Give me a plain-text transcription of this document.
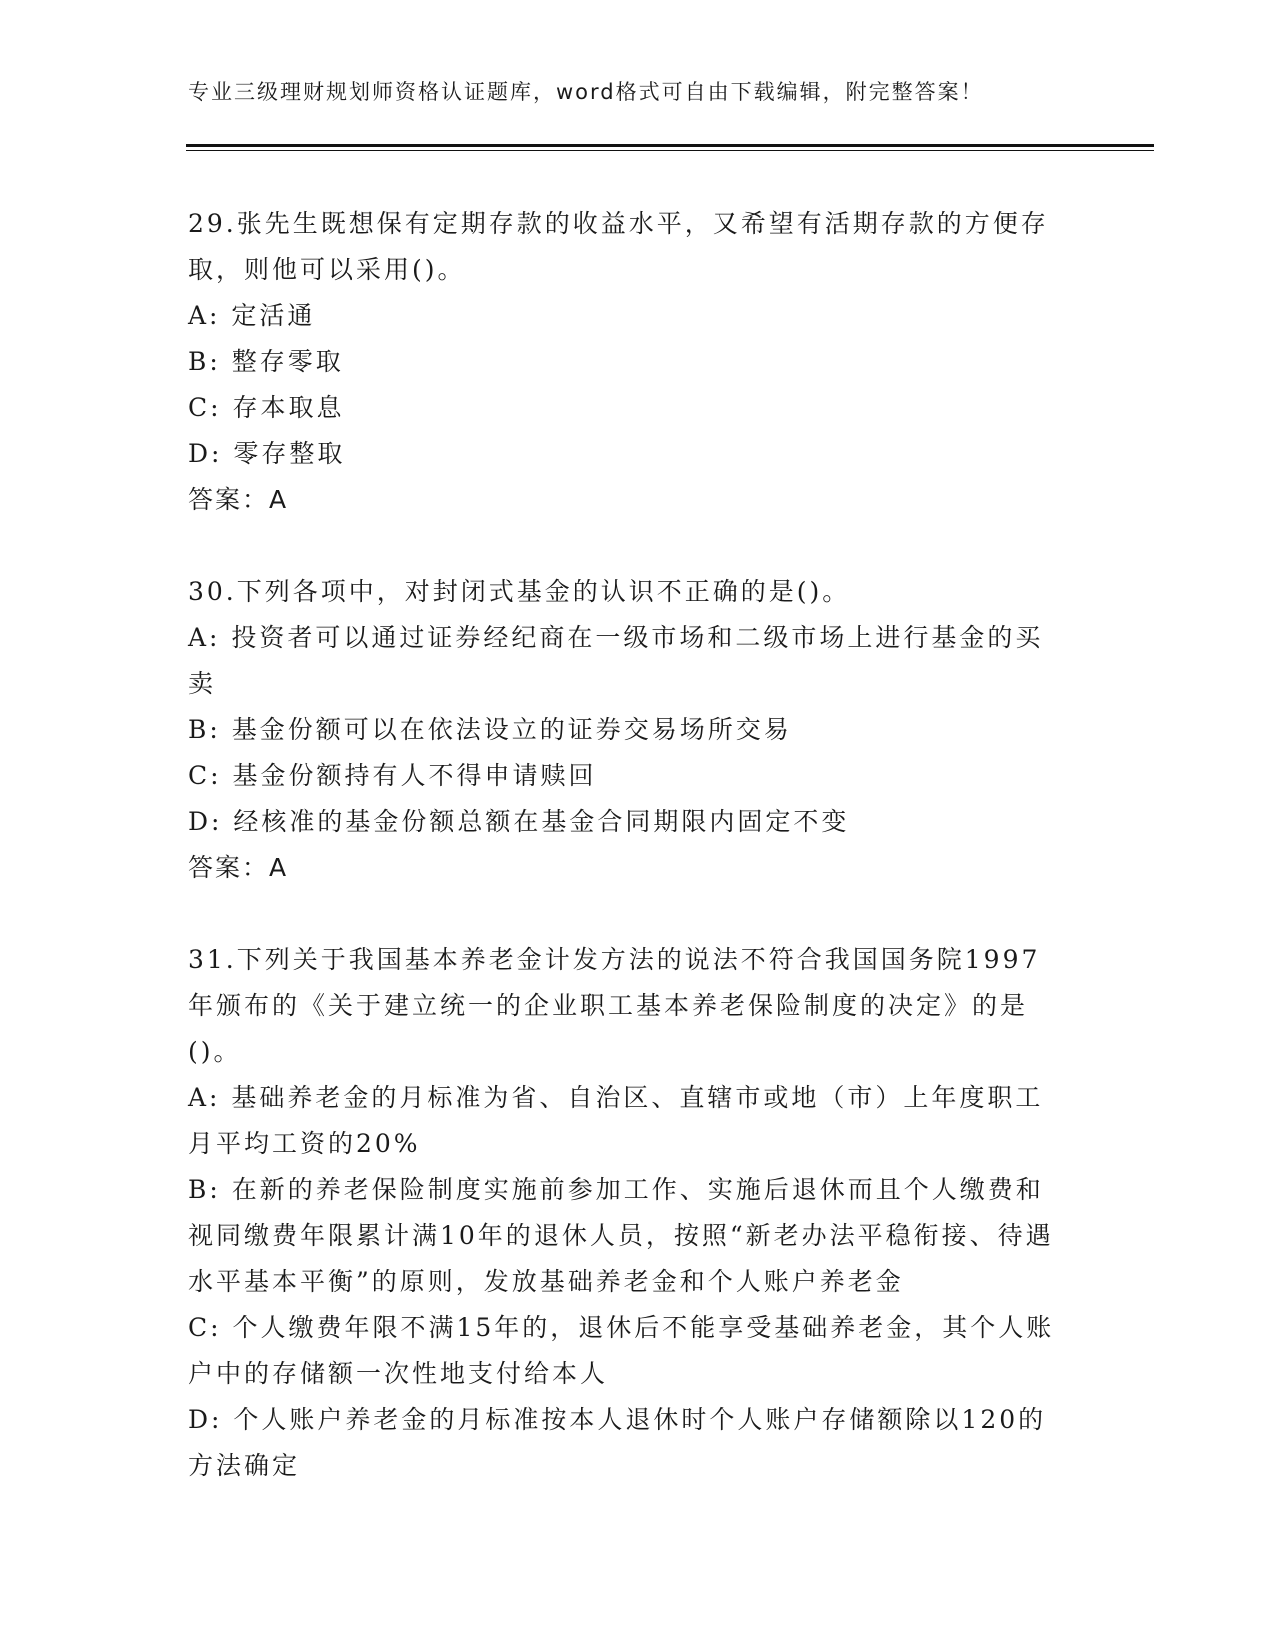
专业三级理财规划师资格认证题库，word格式可自由下载编辑，附完整答案！
29.张先生既想保有定期存款的收益水平，又希望有活期存款的方便存取，则他可以采用()。
A: 定活通
B: 整存零取
C: 存本取息
D: 零存整取
答案：A
30.下列各项中，对封闭式基金的认识不正确的是()。
A: 投资者可以通过证券经纪商在一级市场和二级市场上进行基金的买卖
B: 基金份额可以在依法设立的证券交易场所交易
C: 基金份额持有人不得申请赎回
D: 经核准的基金份额总额在基金合同期限内固定不变
答案：A
31.下列关于我国基本养老金计发方法的说法不符合我国国务院1997年颁布的《关于建立统一的企业职工基本养老保险制度的决定》的是()。
A: 基础养老金的月标准为省、自治区、直辖市或地（市）上年度职工月平均工资的20%
B: 在新的养老保险制度实施前参加工作、实施后退休而且个人缴费和视同缴费年限累计满10年的退休人员，按照“新老办法平稳衔接、待遇水平基本平衡”的原则，发放基础养老金和个人账户养老金
C: 个人缴费年限不满15年的，退休后不能享受基础养老金，其个人账户中的存储额一次性地支付给本人
D: 个人账户养老金的月标准按本人退休时个人账户存储额除以120的方法确定
